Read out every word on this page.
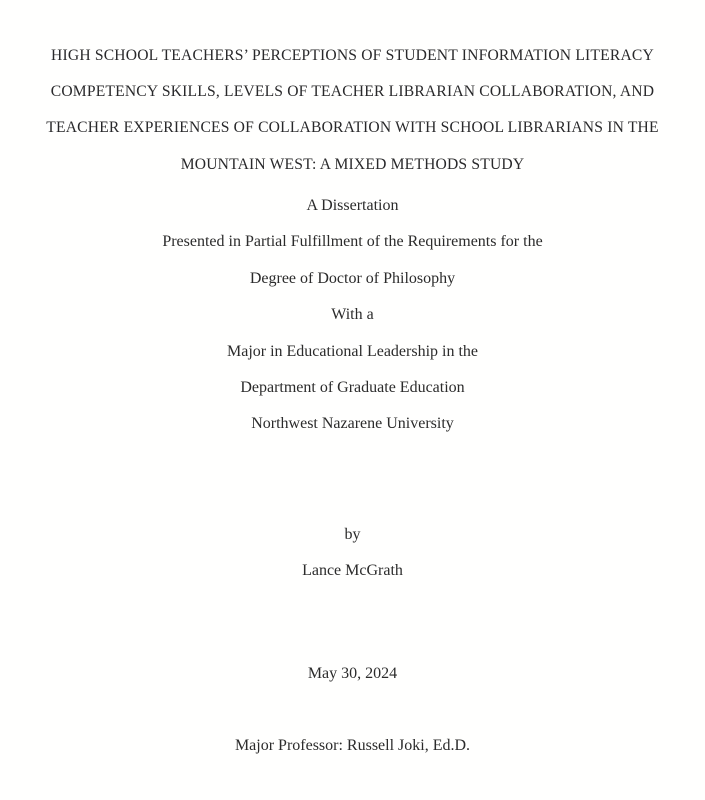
HIGH SCHOOL TEACHERS’ PERCEPTIONS OF STUDENT INFORMATION LITERACY
COMPETENCY SKILLS, LEVELS OF TEACHER LIBRARIAN COLLABORATION, AND
TEACHER EXPERIENCES OF COLLABORATION WITH SCHOOL LIBRARIANS IN THE
MOUNTAIN WEST: A MIXED METHODS STUDY
A Dissertation
Presented in Partial Fulfillment of the Requirements for the
Degree of Doctor of Philosophy
With a
Major in Educational Leadership in the
Department of Graduate Education
Northwest Nazarene University
by
Lance McGrath
May 30, 2024
Major Professor: Russell Joki, Ed.D.
